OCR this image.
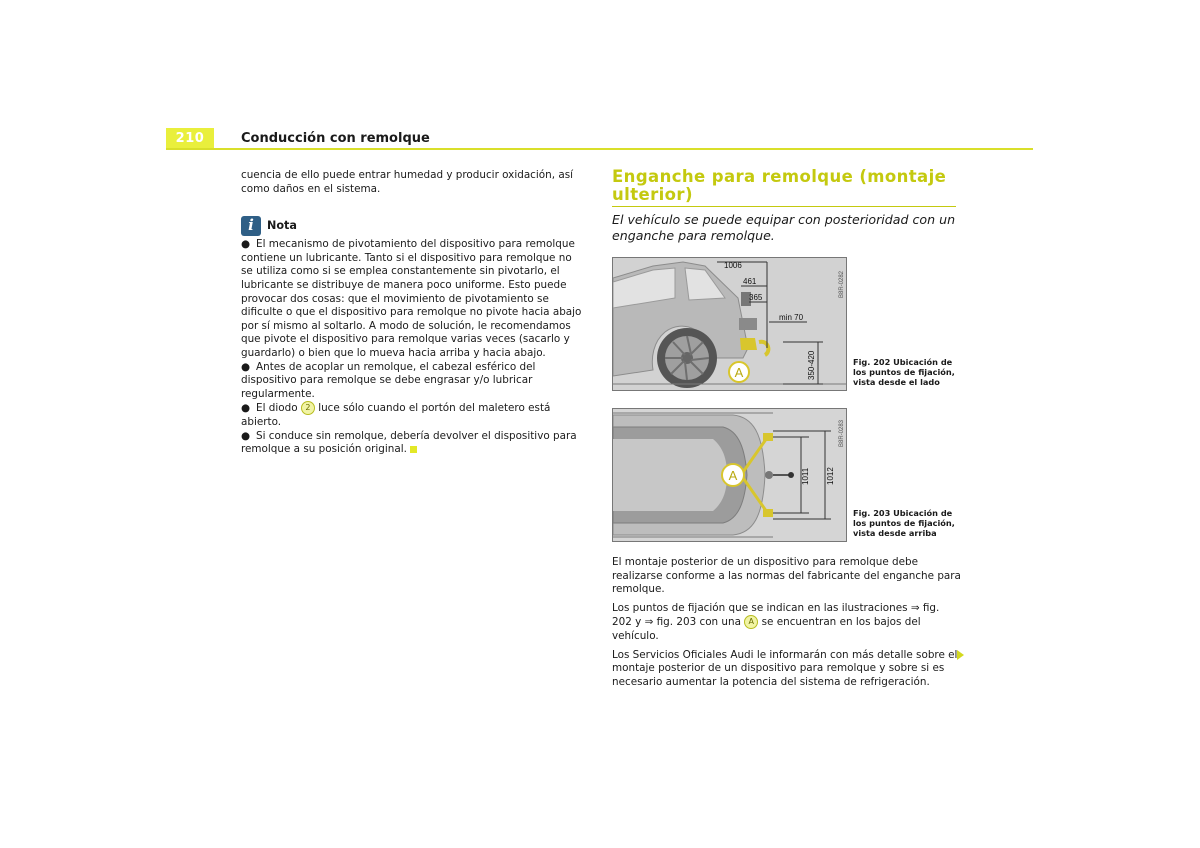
210	Conducción con remolque

cuencia de ello puede entrar humedad y producir oxidación, así como daños en el sistema.

i	Nota

● El mecanismo de pivotamiento del dispositivo para remolque contiene un lubricante. Tanto si el dispositivo para remolque no se utiliza como si se emplea constantemente sin pivotarlo, el lubricante se distribuye de manera poco uniforme. Esto puede provocar dos cosas: que el movimiento de pivotamiento se dificulte o que el dispositivo para remolque no pivote hacia abajo por sí mismo al soltarlo. A modo de solución, le recomendamos que pivote el dispositivo para remolque varias veces (sacarlo y guardarlo) o bien que lo mueva hacia arriba y hacia abajo.

● Antes de acoplar un remolque, el cabezal esférico del dispositivo para remolque se debe engrasar y/o lubricar regularmente.

● El diodo 2 luce sólo cuando el portón del maletero está abierto.

● Si conduce sin remolque, debería devolver el dispositivo para remolque a su posición original.

Enganche para remolque (montaje ulterior)
El vehículo se puede equipar con posterioridad con un enganche para remolque.
A
1006
461
365
min 70
350-420
B8R-0282
Fig. 202 Ubicación de los puntos de fijación, vista desde el lado
A	1011 1012
B8R-0283
Fig. 203 Ubicación de los puntos de fijación, vista desde arriba

El montaje posterior de un dispositivo para remolque debe realizarse conforme a las normas del fabricante del enganche para remolque.

Los puntos de fijación que se indican en las ilustraciones ⇒ fig. 202 y ⇒ fig. 203 con una A se encuentran en los bajos del vehículo.

Los Servicios Oficiales Audi le informarán con más detalle sobre el montaje posterior de un dispositivo para remolque y sobre si es necesario aumentar la potencia del sistema de refrigeración.
